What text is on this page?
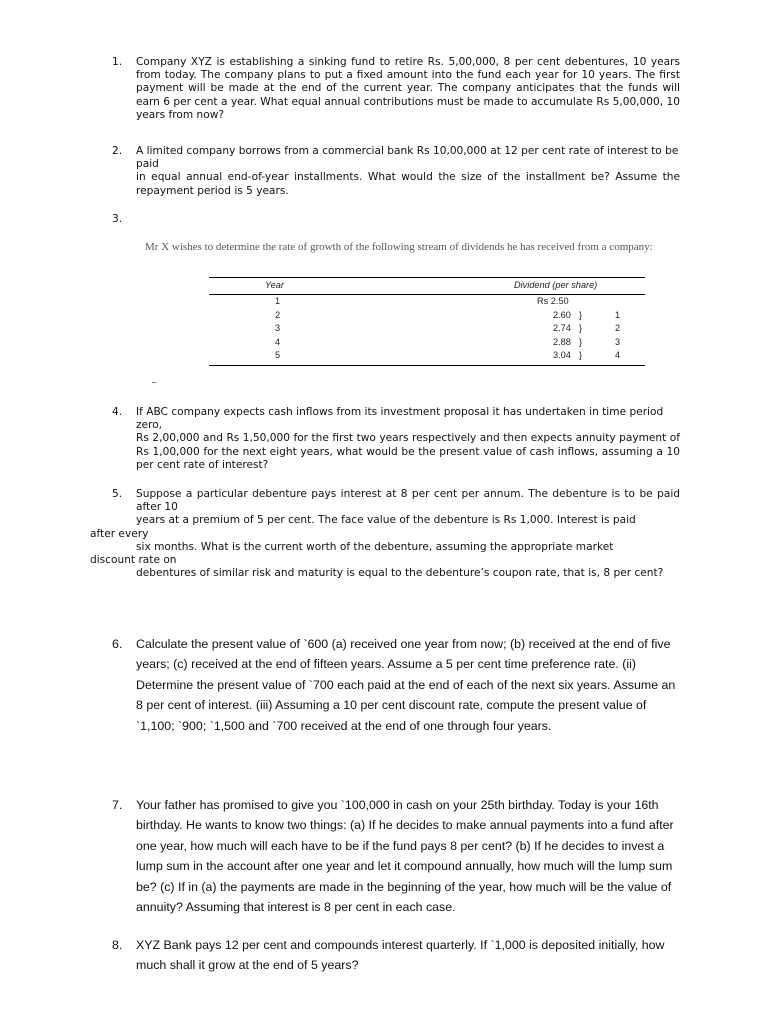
1.	Company XYZ is establishing a sinking fund to retire Rs. 5,00,000, 8 per cent debentures, 10 years from today. The company plans to put a fixed amount into the fund each year for 10 years. The first payment will be made at the end of the current year. The company anticipates that the funds will earn 6 per cent a year. What equal annual contributions must be made to accumulate Rs 5,00,000, 10 years from now?

2.	A limited company borrows from a commercial bank Rs 10,00,000 at 12 per cent rate of interest to be paid

in equal annual end-of-year installments. What would the size of the installment be? Assume the repayment period is 5 years.

3.
Mr X wishes to determine the rate of growth of the following stream of dividends he has received from a company:
Year	Dividend (per share)
1	Rs 2.50
2	2.60 }	1
3	2.74 }	2
4	2.88 }	3
5	3.04 }	4
4.	If ABC company expects cash inflows from its investment proposal it has undertaken in time period zero,

Rs 2,00,000 and Rs 1,50,000 for the first two years respectively and then expects annuity payment of Rs 1,00,000 for the next eight years, what would be the present value of cash inflows, assuming a 10 per cent rate of interest?

5.	Suppose a particular debenture pays interest at 8 per cent per annum. The debenture is to be paid after 10

years at a premium of 5 per cent. The face value of the debenture is Rs 1,000. Interest is paid

after every

six months. What is the current worth of the debenture, assuming the appropriate market

discount rate on

debentures of similar risk and maturity is equal to the debenture’s coupon rate, that is, 8 per cent?

6.	Calculate the present value of `600 (a) received one year from now; (b) received at the end of five years; (c) received at the end of fifteen years. Assume a 5 per cent time preference rate. (ii) Determine the present value of `700 each paid at the end of each of the next six years. Assume an 8 per cent of interest. (iii) Assuming a 10 per cent discount rate, compute the present value of `1,100; `900; `1,500 and `700 received at the end of one through four years.

7.	Your father has promised to give you `100,000 in cash on your 25th birthday. Today is your 16th birthday. He wants to know two things: (a) If he decides to make annual payments into a fund after one year, how much will each have to be if the fund pays 8 per cent? (b) If he decides to invest a lump sum in the account after one year and let it compound annually, how much will the lump sum be? (c) If in (a) the payments are made in the beginning of the year, how much will be the value of annuity? Assuming that interest is 8 per cent in each case.

8.	XYZ Bank pays 12 per cent and compounds interest quarterly. If `1,000 is deposited initially, how much shall it grow at the end of 5 years?
